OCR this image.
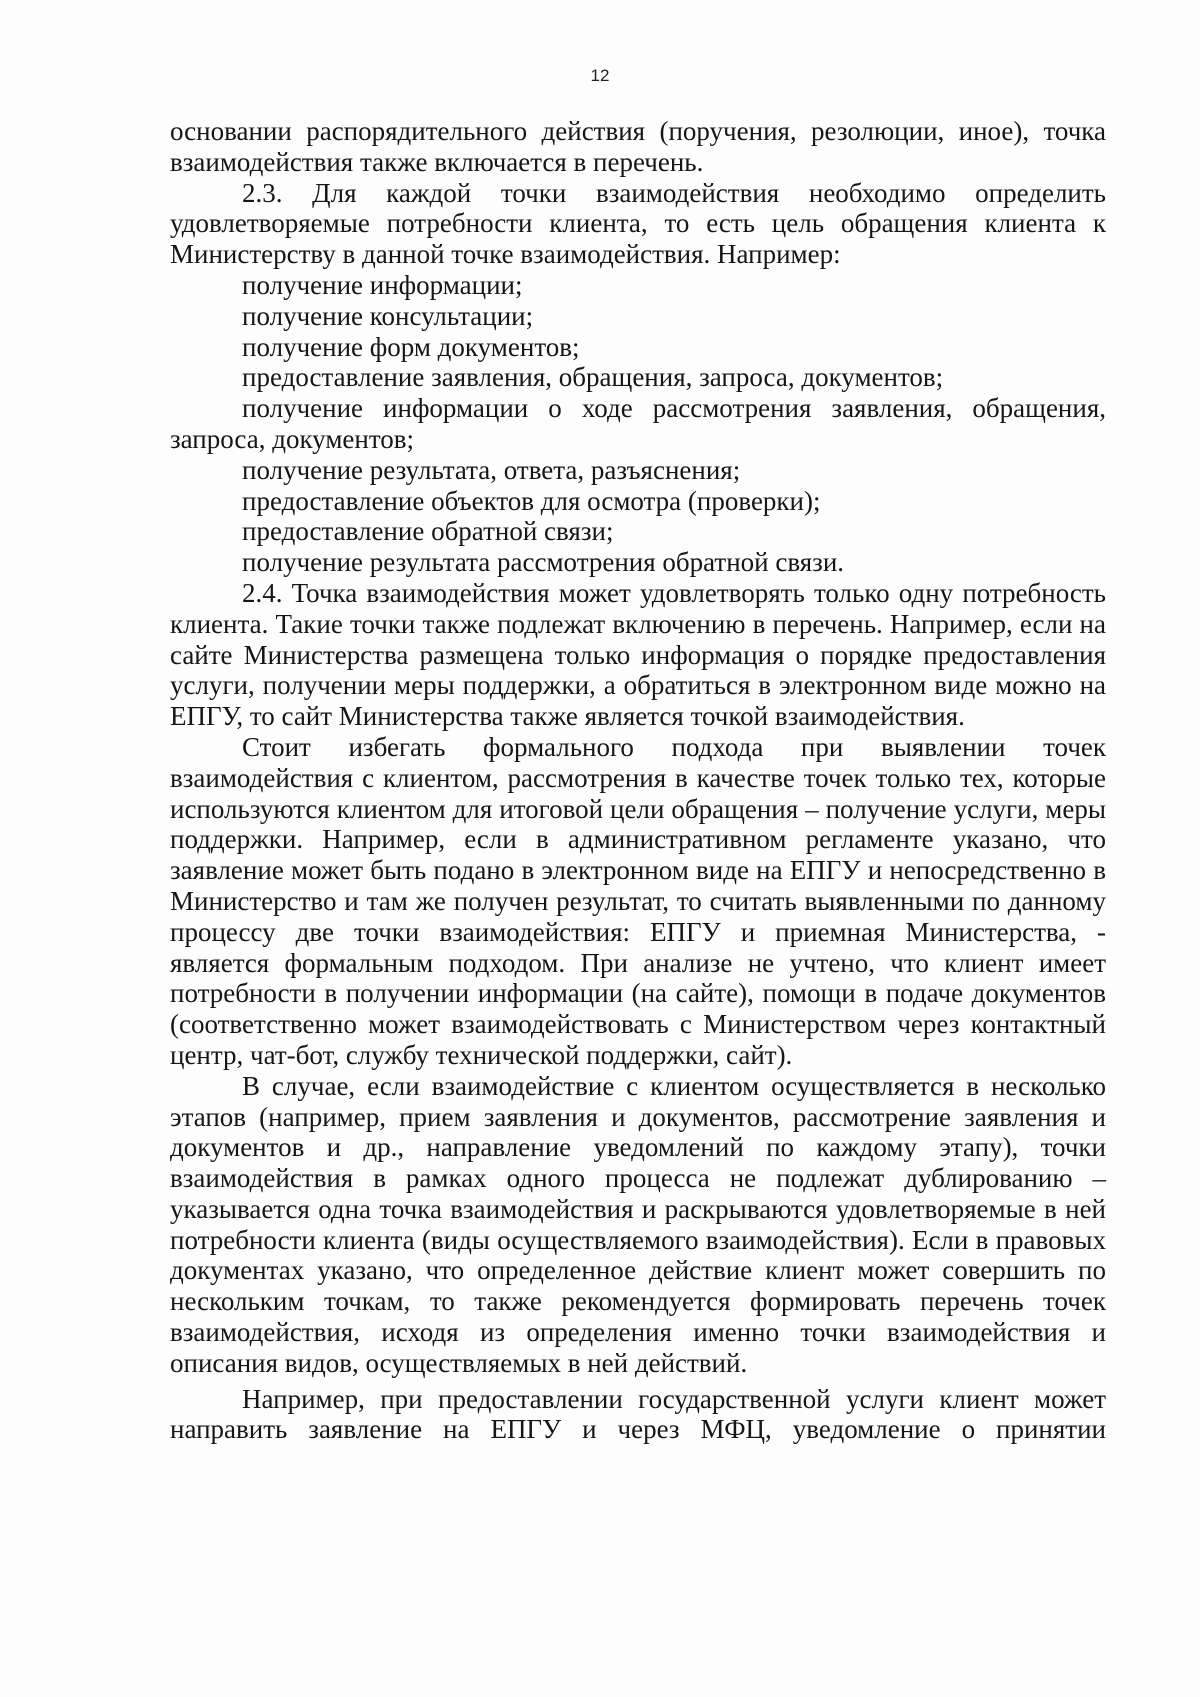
12

основании распорядительного действия (поручения, резолюции, иное), точка взаимодействия также включается в перечень.

2.3. Для каждой точки взаимодействия необходимо определить удовлетворяемые потребности клиента, то есть цель обращения клиента к Министерству в данной точке взаимодействия. Например:

получение информации;
получение консультации;
получение форм документов;
предоставление заявления, обращения, запроса, документов;
получение информации о ходе рассмотрения заявления, обращения, запроса, документов;
получение результата, ответа, разъяснения;
предоставление объектов для осмотра (проверки);
предоставление обратной связи;
получение результата рассмотрения обратной связи.

2.4. Точка взаимодействия может удовлетворять только одну потребность клиента. Такие точки также подлежат включению в перечень. Например, если на сайте Министерства размещена только информация о порядке предоставления услуги, получении меры поддержки, а обратиться в электронном виде можно на ЕПГУ, то сайт Министерства также является точкой взаимодействия.

Стоит избегать формального подхода при выявлении точек взаимодействия с клиентом, рассмотрения в качестве точек только тех, которые используются клиентом для итоговой цели обращения – получение услуги, меры поддержки. Например, если в административном регламенте указано, что заявление может быть подано в электронном виде на ЕПГУ и непосредственно в Министерство и там же получен результат, то считать выявленными по данному процессу две точки взаимодействия: ЕПГУ и приемная Министерства, - является формальным подходом. При анализе не учтено, что клиент имеет потребности в получении информации (на сайте), помощи в подаче документов (соответственно может взаимодействовать с Министерством через контактный центр, чат-бот, службу технической поддержки, сайт).

В случае, если взаимодействие с клиентом осуществляется в несколько этапов (например, прием заявления и документов, рассмотрение заявления и документов и др., направление уведомлений по каждому этапу), точки взаимодействия в рамках одного процесса не подлежат дублированию – указывается одна точка взаимодействия и раскрываются удовлетворяемые в ней потребности клиента (виды осуществляемого взаимодействия). Если в правовых документах указано, что определенное действие клиент может совершить по нескольким точкам, то также рекомендуется формировать перечень точек взаимодействия, исходя из определения именно точки взаимодействия и описания видов, осуществляемых в ней действий.

Например, при предоставлении государственной услуги клиент может направить заявление на ЕПГУ и через МФЦ, уведомление о принятии
